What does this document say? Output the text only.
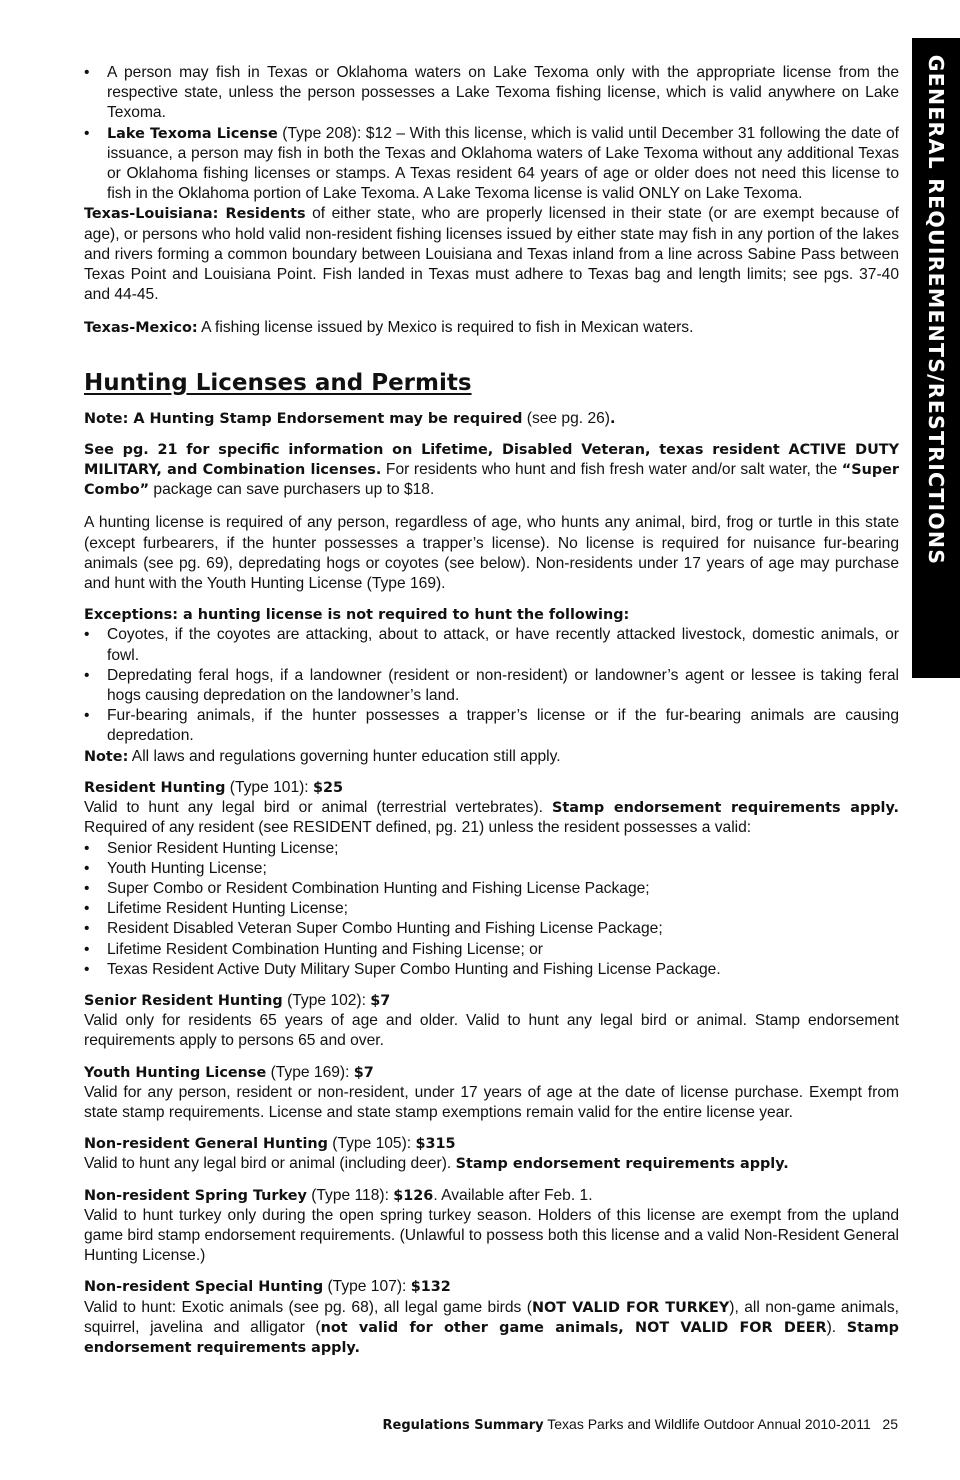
GENERAL REQUIREMENTS/RESTRICTIONS
• A person may fish in Texas or Oklahoma waters on Lake Texoma only with the appropriate license from the respective state, unless the person possesses a Lake Texoma fishing license, which is valid anywhere on Lake Texoma.
• Lake Texoma License (Type 208): $12 – With this license, which is valid until December 31 following the date of issuance, a person may fish in both the Texas and Oklahoma waters of Lake Texoma without any additional Texas or Oklahoma fishing licenses or stamps. A Texas resident 64 years of age or older does not need this license to fish in the Oklahoma portion of Lake Texoma. A Lake Texoma license is valid ONLY on Lake Texoma.

Texas-Louisiana: Residents of either state, who are properly licensed in their state (or are exempt because of age), or persons who hold valid non-resident fishing licenses issued by either state may fish in any portion of the lakes and rivers forming a common boundary between Louisiana and Texas inland from a line across Sabine Pass between Texas Point and Louisiana Point. Fish landed in Texas must adhere to Texas bag and length limits; see pgs. 37-40 and 44-45.

Texas-Mexico: A fishing license issued by Mexico is required to fish in Mexican waters.

Hunting Licenses and Permits

Note: A Hunting Stamp Endorsement may be required (see pg. 26).

See pg. 21 for specific information on Lifetime, Disabled Veteran, texas resident ACTIVE DUTY MILITARY, and Combination licenses. For residents who hunt and fish fresh water and/or salt water, the “Super Combo” package can save purchasers up to $18.

A hunting license is required of any person, regardless of age, who hunts any animal, bird, frog or turtle in this state (except furbearers, if the hunter possesses a trapper’s license). No license is required for nuisance fur-bearing animals (see pg. 69), depredating hogs or coyotes (see below). Non-residents under 17 years of age may purchase and hunt with the Youth Hunting License (Type 169).

Exceptions: a hunting license is not required to hunt the following:

• Coyotes, if the coyotes are attacking, about to attack, or have recently attacked livestock, domestic animals, or fowl.
• Depredating feral hogs, if a landowner (resident or non-resident) or landowner’s agent or lessee is taking feral hogs causing depredation on the landowner’s land.
• Fur-bearing animals, if the hunter possesses a trapper’s license or if the fur-bearing animals are causing depredation.

Note: All laws and regulations governing hunter education still apply.

Resident Hunting (Type 101): $25

Valid to hunt any legal bird or animal (terrestrial vertebrates). Stamp endorsement requirements apply. Required of any resident (see RESIDENT defined, pg. 21) unless the resident possesses a valid:

• Senior Resident Hunting License;
• Youth Hunting License;
• Super Combo or Resident Combination Hunting and Fishing License Package;
• Lifetime Resident Hunting License;
• Resident Disabled Veteran Super Combo Hunting and Fishing License Package;
• Lifetime Resident Combination Hunting and Fishing License; or
• Texas Resident Active Duty Military Super Combo Hunting and Fishing License Package.

Senior Resident Hunting (Type 102): $7

Valid only for residents 65 years of age and older. Valid to hunt any legal bird or animal. Stamp endorsement requirements apply to persons 65 and over.

Youth Hunting License (Type 169): $7

Valid for any person, resident or non-resident, under 17 years of age at the date of license purchase. Exempt from state stamp requirements. License and state stamp exemptions remain valid for the entire license year.

Non-resident General Hunting (Type 105): $315

Valid to hunt any legal bird or animal (including deer). Stamp endorsement requirements apply.

Non-resident Spring Turkey (Type 118): $126. Available after Feb. 1.

Valid to hunt turkey only during the open spring turkey season. Holders of this license are exempt from the upland game bird stamp endorsement requirements. (Unlawful to possess both this license and a valid Non-Resident General Hunting License.)

Non-resident Special Hunting (Type 107): $132

Valid to hunt: Exotic animals (see pg. 68), all legal game birds (NOT VALID FOR TURKEY), all non-game animals, squirrel, javelina and alligator (not valid for other game animals, NOT VALID FOR DEER). Stamp endorsement requirements apply.

Regulations Summary Texas Parks and Wildlife Outdoor Annual 2010-2011 25
